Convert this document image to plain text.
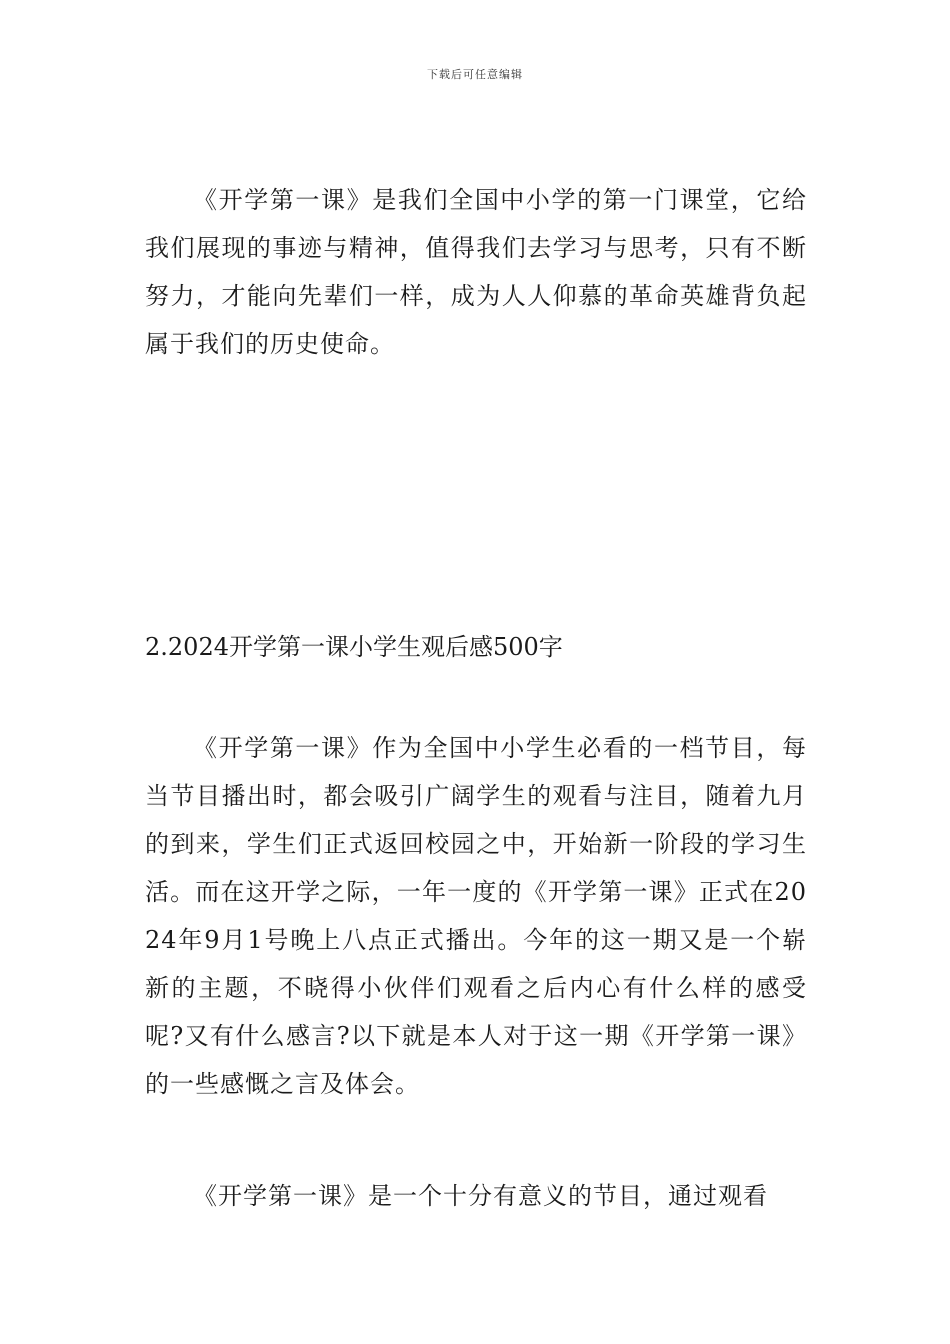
下载后可任意编辑

《开学第一课》是我们全国中小学的第一门课堂，它给我们展现的事迹与精神，值得我们去学习与思考，只有不断努力，才能向先辈们一样，成为人人仰慕的革命英雄背负起属于我们的历史使命。

2.2024开学第一课小学生观后感500字

《开学第一课》作为全国中小学生必看的一档节目，每当节目播出时，都会吸引广阔学生的观看与注目，随着九月的到来，学生们正式返回校园之中，开始新一阶段的学习生活。而在这开学之际，一年一度的《开学第一课》正式在2024年9月1号晚上八点正式播出。今年的这一期又是一个崭新的主题，不晓得小伙伴们观看之后内心有什么样的感受呢?又有什么感言?以下就是本人对于这一期《开学第一课》的一些感慨之言及体会。

《开学第一课》是一个十分有意义的节目，通过观看
